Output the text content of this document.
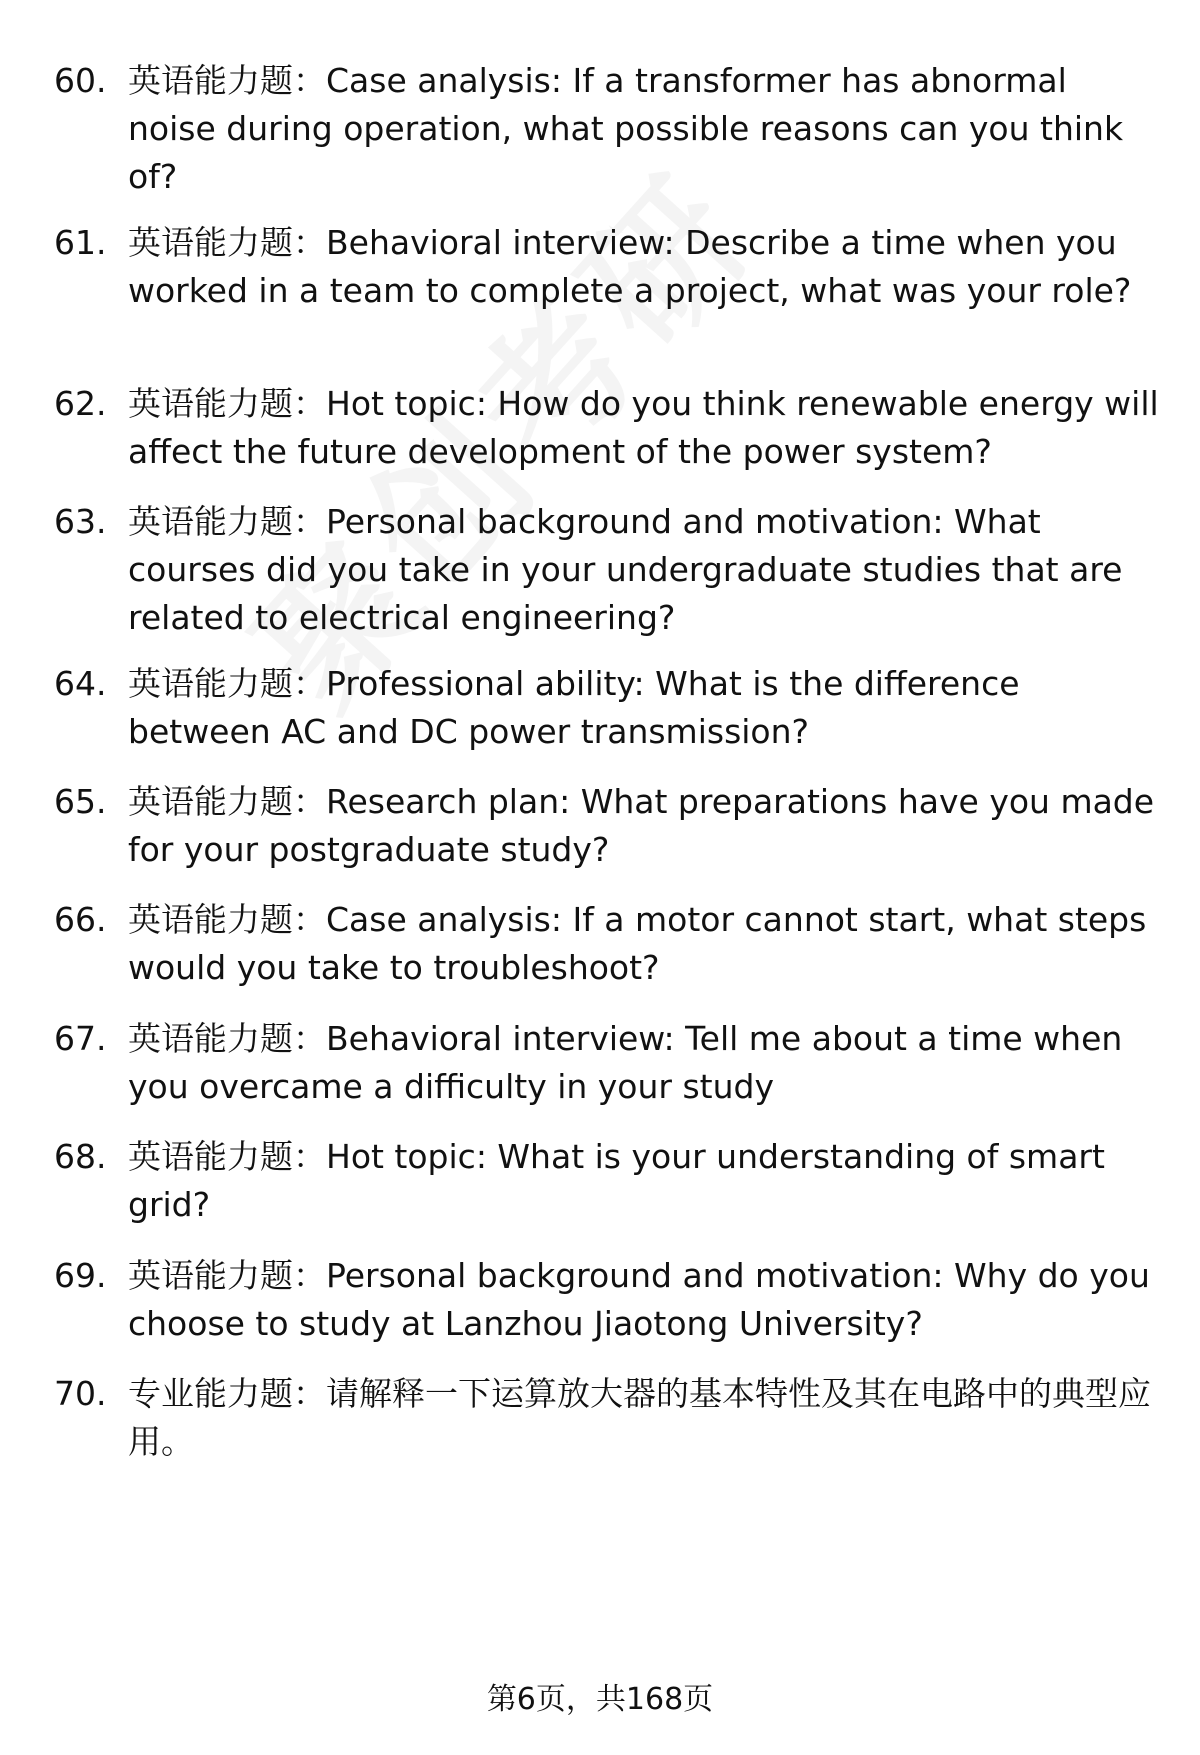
60. 英语能力题：Case analysis: If a transformer has abnormal noise during operation, what possible reasons can you think of?
61. 英语能力题：Behavioral interview: Describe a time when you worked in a team to complete a project, what was your role?
62. 英语能力题：Hot topic: How do you think renewable energy will affect the future development of the power system?
63. 英语能力题：Personal background and motivation: What courses did you take in your undergraduate studies that are related to electrical engineering?
64. 英语能力题：Professional ability: What is the difference between AC and DC power transmission?
65. 英语能力题：Research plan: What preparations have you made for your postgraduate study?
66. 英语能力题：Case analysis: If a motor cannot start, what steps would you take to troubleshoot?
67. 英语能力题：Behavioral interview: Tell me about a time when you overcame a difficulty in your study
68. 英语能力题：Hot topic: What is your understanding of smart grid?
69. 英语能力题：Personal background and motivation: Why do you choose to study at Lanzhou Jiaotong University?
70. 专业能力题：请解释一下运算放大器的基本特性及其在电路中的典型应用。
第6页，共168页
